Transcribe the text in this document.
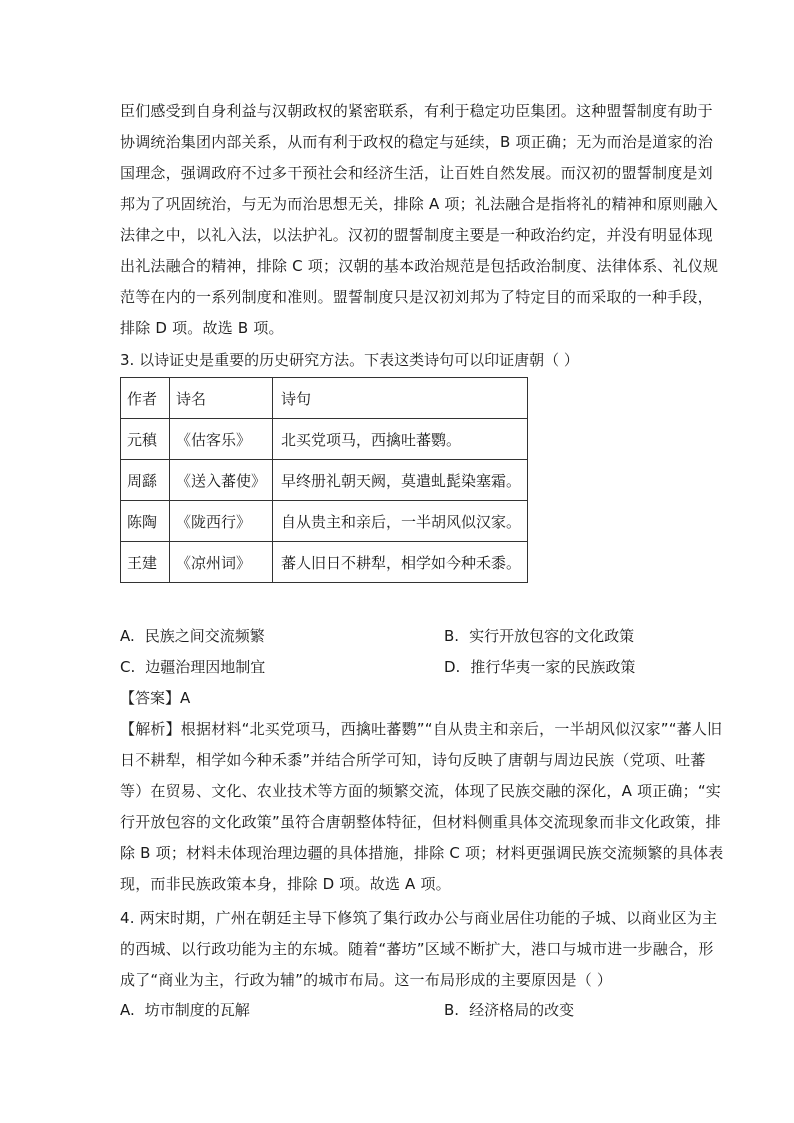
臣们感受到自身利益与汉朝政权的紧密联系，有利于稳定功臣集团。这种盟誓制度有助于
协调统治集团内部关系，从而有利于政权的稳定与延续，B 项正确；无为而治是道家的治
国理念，强调政府不过多干预社会和经济生活，让百姓自然发展。而汉初的盟誓制度是刘
邦为了巩固统治，与无为而治思想无关，排除 A 项；礼法融合是指将礼的精神和原则融入
法律之中，以礼入法，以法护礼。汉初的盟誓制度主要是一种政治约定，并没有明显体现
出礼法融合的精神，排除 C 项；汉朝的基本政治规范是包括政治制度、法律体系、礼仪规
范等在内的一系列制度和准则。盟誓制度只是汉初刘邦为了特定目的而采取的一种手段，
排除 D 项。故选 B 项。
3. 以诗证史是重要的历史研究方法。下表这类诗句可以印证唐朝（ ）
作者	诗名	诗句
元稹	《估客乐》	北买党项马，西擒吐蕃鹦。
周繇	《送入蕃使》	早终册礼朝天阙，莫遣虬髭染塞霜。
陈陶	《陇西行》	自从贵主和亲后，一半胡风似汉家。
王建	《凉州词》	蕃人旧日不耕犁，相学如今种禾黍。
A. 民族之间交流频繁	B. 实行开放包容的文化政策
C. 边疆治理因地制宜	D. 推行华夷一家的民族政策
【答案】A
【解析】根据材料“北买党项马，西擒吐蕃鹦”“自从贵主和亲后，一半胡风似汉家”“蕃人旧
日不耕犁，相学如今种禾黍”并结合所学可知，诗句反映了唐朝与周边民族（党项、吐蕃
等）在贸易、文化、农业技术等方面的频繁交流，体现了民族交融的深化，A 项正确；“实
行开放包容的文化政策”虽符合唐朝整体特征，但材料侧重具体交流现象而非文化政策，排
除 B 项；材料未体现治理边疆的具体措施，排除 C 项；材料更强调民族交流频繁的具体表
现，而非民族政策本身，排除 D 项。故选 A 项。
4. 两宋时期，广州在朝廷主导下修筑了集行政办公与商业居住功能的子城、以商业区为主
的西城、以行政功能为主的东城。随着“蕃坊”区域不断扩大，港口与城市进一步融合，形
成了“商业为主，行政为辅”的城市布局。这一布局形成的主要原因是（ ）
A. 坊市制度的瓦解	B. 经济格局的改变
